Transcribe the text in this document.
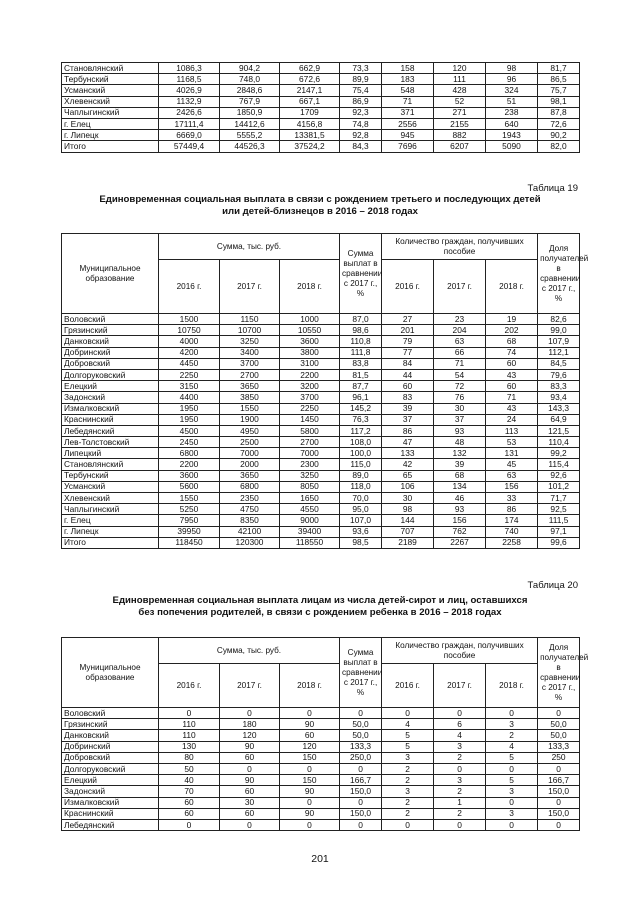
Становлянский	1086,3	904,2	662,9	73,3	158	120	98	81,7
Тербунский	1168,5	748,0	672,6	89,9	183	111	96	86,5
Усманский	4026,9	2848,6	2147,1	75,4	548	428	324	75,7
Хлевенский	1132,9	767,9	667,1	86,9	71	52	51	98,1
Чаплыгинский	2426,6	1850,9	1709	92,3	371	271	238	87,8
г. Елец	17111,4	14412,6	4156,8	74,8	2556	2155	640	72,6
г. Липецк	6669,0	5555,2	13381,5	92,8	945	882	1943	90,2
Итого	57449,4	44526,3	37524,2	84,3	7696	6207	5090	82,0
Таблица 19
Единовременная социальная выплата в связи с рождением третьего и последующих детей
или детей-близнецов в 2016 – 2018 годах
Муниципальное образование	Сумма, тыс. руб.			Сумма выплат в сравнении с 2017 г., %	Количество граждан, получивших пособие			Доля получателей в сравнении с 2017 г., %
	2016 г.	2017 г.	2018 г.		2016 г.	2017 г.	2018 г.	
Воловский	1500	1150	1000	87,0	27	23	19	82,6
Грязинский	10750	10700	10550	98,6	201	204	202	99,0
Данковский	4000	3250	3600	110,8	79	63	68	107,9
Добринский	4200	3400	3800	111,8	77	66	74	112,1
Добровский	4450	3700	3100	83,8	84	71	60	84,5
Долгоруковский	2250	2700	2200	81,5	44	54	43	79,6
Елецкий	3150	3650	3200	87,7	60	72	60	83,3
Задонский	4400	3850	3700	96,1	83	76	71	93,4
Измалковский	1950	1550	2250	145,2	39	30	43	143,3
Краснинский	1950	1900	1450	76,3	37	37	24	64,9
Лебедянский	4500	4950	5800	117,2	86	93	113	121,5
Лев-Толстовский	2450	2500	2700	108,0	47	48	53	110,4
Липецкий	6800	7000	7000	100,0	133	132	131	99,2
Становлянский	2200	2000	2300	115,0	42	39	45	115,4
Тербунский	3600	3650	3250	89,0	65	68	63	92,6
Усманский	5600	6800	8050	118,0	106	134	156	101,2
Хлевенский	1550	2350	1650	70,0	30	46	33	71,7
Чаплыгинский	5250	4750	4550	95,0	98	93	86	92,5
г. Елец	7950	8350	9000	107,0	144	156	174	111,5
г. Липецк	39950	42100	39400	93,6	707	762	740	97,1
Итого	118450	120300	118550	98,5	2189	2267	2258	99,6
Таблица 20
Единовременная социальная выплата лицам из числа детей-сирот и лиц, оставшихся
без попечения родителей, в связи с рождением ребенка в 2016 – 2018 годах
Муниципальное образование	Сумма, тыс. руб.			Сумма выплат в сравнении с 2017 г., %	Количество граждан, получивших пособие			Доля получателей в сравнении с 2017 г., %
	2016 г.	2017 г.	2018 г.		2016 г.	2017 г.	2018 г.	
Воловский	0	0	0	0	0	0	0	0
Грязинский	110	180	90	50,0	4	6	3	50,0
Данковский	110	120	60	50,0	5	4	2	50,0
Добринский	130	90	120	133,3	5	3	4	133,3
Добровский	80	60	150	250,0	3	2	5	250
Долгоруковский	50	0	0	0	2	0	0	0
Елецкий	40	90	150	166,7	2	3	5	166,7
Задонский	70	60	90	150,0	3	2	3	150,0
Измалковский	60	30	0	0	2	1	0	0
Краснинский	60	60	90	150,0	2	2	3	150,0
Лебедянский	0	0	0	0	0	0	0	0
201
